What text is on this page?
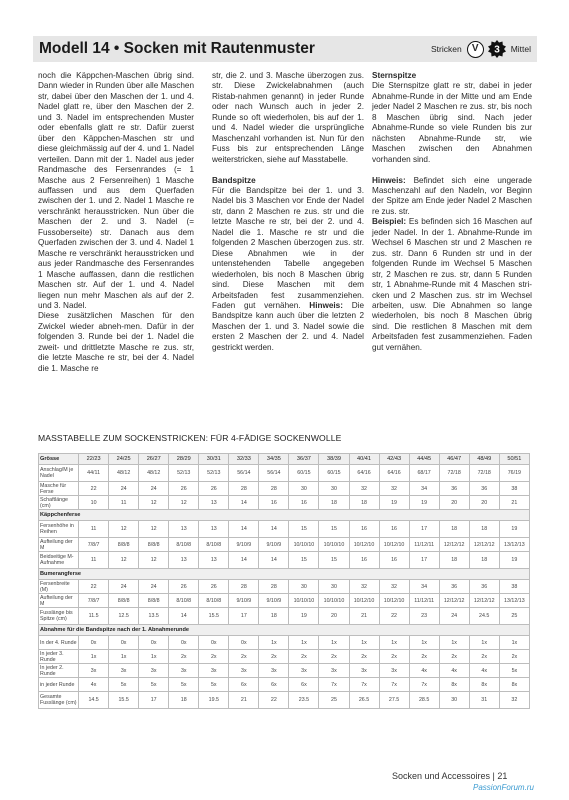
Modell 14 • Socken mit Rautenmuster	Stricken V 3 Mittel

noch die Käppchen-Maschen übrig sind. Dann wieder in Runden über alle Maschen str, dabei über den Maschen der 1. und 4. Nadel glatt re, über den Maschen der 2. und 3. Nadel im entsprechenden Muster oder ebenfalls glatt re str. Dafür zuerst über den Käppchen-Maschen str und diese gleichmässig auf der 4. und 1. Nadel verteilen. Dann mit der 1. Nadel aus jeder Randmasche des Fersenrandes (= 1 Masche aus 2 Fersenreihen) 1 Masche auffassen und aus dem Querfaden zwischen der 1. und 2. Nadel 1 Masche re verschränkt herausstricken. Nun über die Maschen der 2. und 3. Nadel (= Fussoberseite) str. Danach aus dem Querfaden zwischen der 3. und 4. Nadel 1 Masche re verschränkt herausstricken und aus jeder Randmasche des Fersenrandes 1 Masche auffassen, dann die restlichen Maschen str. Auf der 1. und 4. Nadel liegen nun mehr Maschen als auf der 2. und 3. Nadel.

Diese zusätzlichen Maschen für den Zwickel wieder abneh-men. Dafür in der folgenden 3. Runde bei der 1. Nadel die zweit- und drittletzte Masche re zus. str, die letzte Masche re str, bei der 4. Nadel die 1. Masche re

str, die 2. und 3. Masche überzogen zus. str. Diese Zwickelabnahmen (auch Ristab-nahmen genannt) in jeder Runde oder nach Wunsch auch in jeder 2. Runde so oft wiederholen, bis auf der 1. und 4. Nadel wieder die ursprüngliche Maschenzahl vorhanden ist. Nun für den Fuss bis zur entsprechenden Länge weiterstricken, siehe auf Masstabelle.

Bandspitze

Für die Bandspitze bei der 1. und 3. Nadel bis 3 Maschen vor Ende der Nadel str, dann 2 Maschen re zus. str und die letzte Masche re str, bei der 2. und 4. Nadel die 1. Masche re str und die folgenden 2 Maschen überzogen zus. str. Diese Abnahmen wie in der untenstehenden Tabelle angegeben wiederholen, bis noch 8 Maschen übrig sind. Diese Maschen mit dem Arbeitsfaden fest zusammenziehen. Faden gut vernähen. Hinweis: Die Bandspitze kann auch über die letzten 2 Maschen der 1. und 3. Nadel sowie die ersten 2 Maschen der 2. und 4. Nadel gestrickt werden.

Sternspitze

Die Sternspitze glatt re str, dabei in jeder Abnahme-Runde in der Mitte und am Ende jeder Nadel 2 Maschen re zus. str, bis noch 8 Maschen übrig sind. Nach jeder Abnahme-Runde so viele Runden bis zur nächsten Abnahme-Runde str, wie Maschen zwischen den Abnahmen vorhanden sind.

Hinweis: Befindet sich eine ungerade Maschenzahl auf den Nadeln, vor Beginn der Spitze am Ende jeder Nadel 2 Maschen re zus. str.

Beispiel: Es befinden sich 16 Maschen auf jeder Nadel. In der 1. Abnahme-Runde im Wechsel 6 Maschen str und 2 Maschen re zus. str. Dann 6 Runden str und in der folgenden Runde im Wechsel 5 Maschen str, 2 Maschen re zus. str, dann 5 Runden str, 1 Abnahme-Runde mit 4 Maschen stri-cken und 2 Maschen zus. str im Wechsel arbeiten, usw. Die Abnahmen so lange wiederholen, bis noch 8 Maschen übrig sind. Die restlichen 8 Maschen mit dem Arbeitsfaden fest zusammenziehen. Faden gut vernähen.

MASSTABELLE ZUM SOCKENSTRICKEN: FÜR 4-FÄDIGE SOCKENWOLLE
Grösse	22/23	24/25	26/27	28/29	30/31	32/33	34/35	36/37	38/39	40/41	42/43	44/45	46/47	48/49	50/51
Anschlag/M je Nadel	44/11	48/12	48/12	52/13	52/13	56/14	56/14	60/15	60/15	64/16	64/16	68/17	72/18	72/18	76/19
Masche für Ferse	22	24	24	26	26	28	28	30	30	32	32	34	36	36	38
Schaftlänge (cm)	10	11	12	12	13	14	16	16	18	18	19	19	20	20	21
Käppchenferse															
Fersenhöhe in Reihen	11	12	12	13	13	14	14	15	15	16	16	17	18	18	19
Aufteilung der M	7/8/7	8/8/8	8/8/8	8/10/8	8/10/8	9/10/9	9/10/9	10/10/10	10/10/10	10/12/10	10/12/10	11/12/11	12/12/12	12/12/12	13/12/13
Beidseitige M-Aufnahme	11	12	12	13	13	14	14	15	15	16	16	17	18	18	19
Bumerangferse															
Fersenbreite (M)	22	24	24	26	26	28	28	30	30	32	32	34	36	36	38
Aufteilung der M	7/8/7	8/8/8	8/8/8	8/10/8	8/10/8	9/10/9	9/10/9	10/10/10	10/10/10	10/12/10	10/12/10	11/12/11	12/12/12	12/12/12	13/12/13
Fusslänge bis Spitze (cm)	11.5	12.5	13.5	14	15.5	17	18	19	20	21	22	23	24	24.5	25
Abnahme für die Bandspitze nach der 1. Abnahmerunde															
In der 4. Runde	0x	0x	0x	0x	0x	0x	1x	1x	1x	1x	1x	1x	1x	1x	1x
In jeder 3. Runde	1x	1x	1x	2x	2x	2x	2x	2x	2x	2x	2x	2x	2x	2x	2x
In jeder 2. Runde	3x	3x	3x	3x	3x	3x	3x	3x	3x	3x	3x	4x	4x	4x	5x
in jeder Runde	4x	5x	5x	5x	5x	6x	6x	6x	7x	7x	7x	7x	8x	8x	8x
Gesamte Fusslänge (cm)	14.5	15.5	17	18	19.5	21	22	23.5	25	26.5	27.5	28.5	30	31	32
Socken und Accessoires | 21
PassionForum.ru
